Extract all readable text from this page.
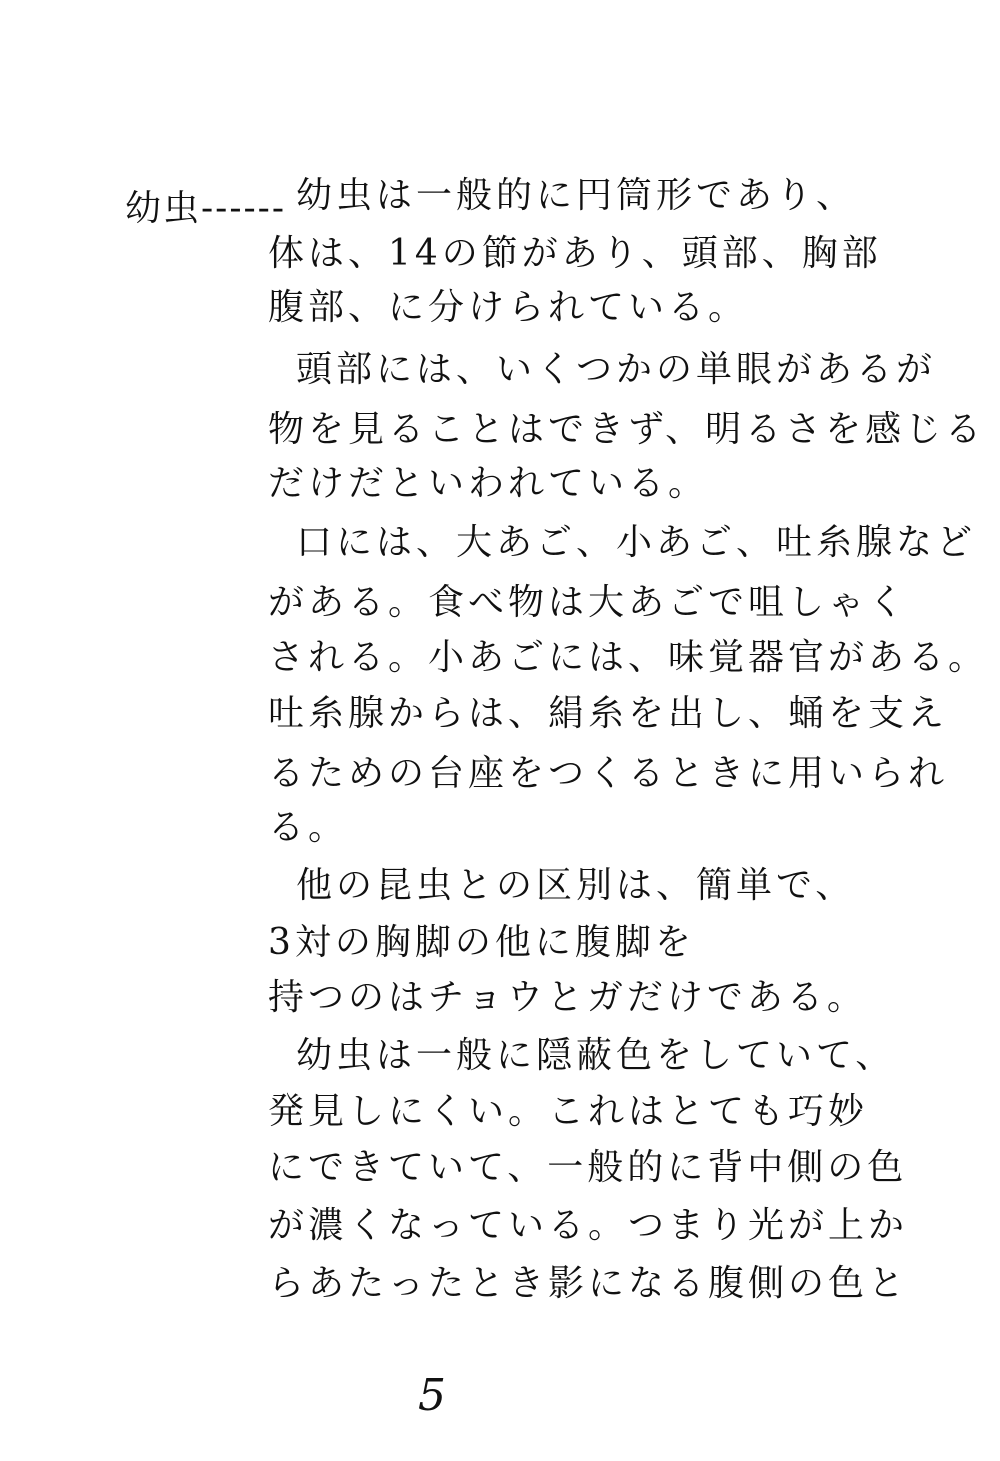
幼虫------ 幼虫は一般的に円筒形であり、
体は、14の節があり、頭部、胸部
腹部、に分けられている。
頭部には、いくつかの単眼があるが
物を見ることはできず、明るさを感じる
だけだといわれている。
口には、大あご、小あご、吐糸腺など
がある。食べ物は大あごで咀しゃく
される。小あごには、味覚器官がある。
吐糸腺からは、絹糸を出し、蛹を支え
るための台座をつくるときに用いられ
る。
他の昆虫との区別は、簡単で、
3対の胸脚の他に腹脚を
持つのはチョウとガだけである。
幼虫は一般に隠蔽色をしていて、
発見しにくい。これはとても巧妙
にできていて、一般的に背中側の色
が濃くなっている。つまり光が上か
らあたったとき影になる腹側の色と
5
